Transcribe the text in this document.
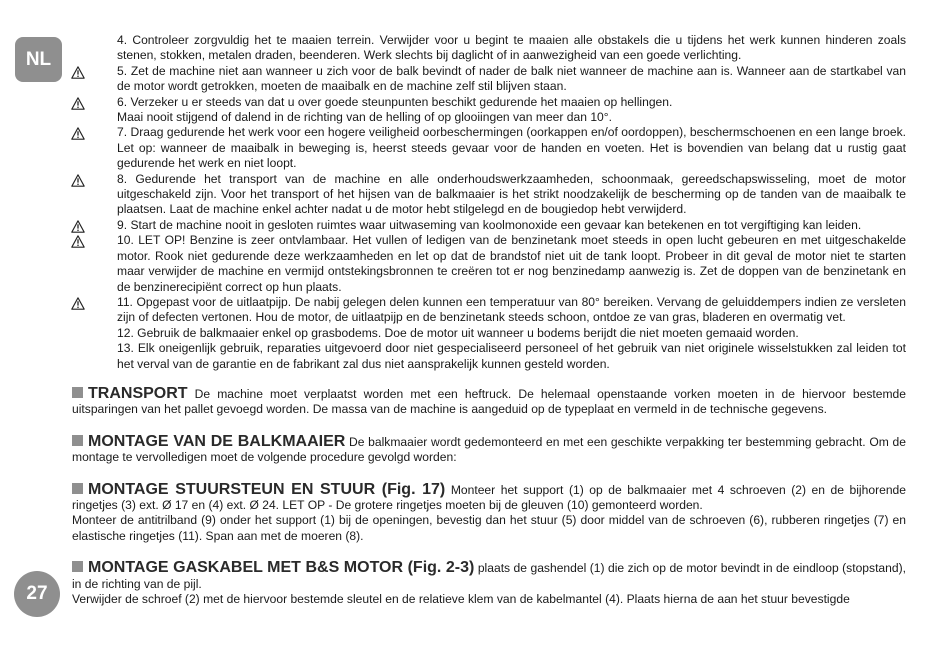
NL
27

4. Controleer zorgvuldig het te maaien terrein. Verwijder voor u begint te maaien alle obstakels die u tijdens het werk kunnen hinderen zoals stenen, stokken, metalen draden, beenderen. Werk slechts bij daglicht of in aanwezigheid van een goede verlichting.

5. Zet de machine niet aan wanneer u zich voor de balk bevindt of nader de balk niet wanneer de machine aan is. Wanneer aan de startkabel van de motor wordt getrokken, moeten de maaibalk en de machine zelf stil blijven staan.

6. Verzeker u er steeds van dat u over goede steunpunten beschikt gedurende het maaien op hellingen.

Maai nooit stijgend of dalend in de richting van de helling of op glooiingen van meer dan 10°.

7. Draag gedurende het werk voor een hogere veiligheid oorbeschermingen (oorkappen en/of oordoppen), beschermschoenen en een lange broek. Let op: wanneer de maaibalk in beweging is, heerst steeds gevaar voor de handen en voeten. Het is bovendien van belang dat u rustig gaat gedurende het werk en niet loopt.

8. Gedurende het transport van de machine en alle onderhoudswerkzaamheden, schoonmaak, gereedschapswisseling, moet de motor uitgeschakeld zijn. Voor het transport of het hijsen van de balkmaaier is het strikt noodzakelijk de bescherming op de tanden van de maaibalk te plaatsen. Laat de machine enkel achter nadat u de motor hebt stilgelegd en de bougiedop hebt verwijderd.

9. Start de machine nooit in gesloten ruimtes waar uitwaseming van koolmonoxide een gevaar kan betekenen en tot vergiftiging kan leiden.

10. LET OP! Benzine is zeer ontvlambaar. Het vullen of ledigen van de benzinetank moet steeds in open lucht gebeuren en met uitgeschakelde motor. Rook niet gedurende deze werkzaamheden en let op dat de brandstof niet uit de tank loopt. Probeer in dit geval de motor niet te starten maar verwijder de machine en vermijd ontstekingsbronnen te creëren tot er nog benzinedamp aanwezig is. Zet de doppen van de benzinetank en de benzinerecipiënt correct op hun plaats.

11. Opgepast voor de uitlaatpijp. De nabij gelegen delen kunnen een temperatuur van 80° bereiken. Vervang de geluiddempers indien ze versleten zijn of defecten vertonen. Hou de motor, de uitlaatpijp en de benzinetank steeds schoon, ontdoe ze van gras, bladeren en overmatig vet.

12. Gebruik de balkmaaier enkel op grasbodems. Doe de motor uit wanneer u bodems berijdt die niet moeten gemaaid worden.

13. Elk oneigenlijk gebruik, reparaties uitgevoerd door niet gespecialiseerd personeel of het gebruik van niet originele wisselstukken zal leiden tot het verval van de garantie en de fabrikant zal dus niet aansprakelijk kunnen gesteld worden.

TRANSPORT De machine moet verplaatst worden met een heftruck. De helemaal openstaande vorken moeten in de hiervoor bestemde uitsparingen van het pallet gevoegd worden. De massa van de machine is aangeduid op de typeplaat en vermeld in de technische gegevens.

MONTAGE VAN DE BALKMAAIER De balkmaaier wordt gedemonteerd en met een geschikte verpakking ter bestemming gebracht. Om de montage te vervolledigen moet de volgende procedure gevolgd worden:

MONTAGE STUURSTEUN EN STUUR (Fig. 17) Monteer het support (1) op de balkmaaier met 4 schroeven (2) en de bijhorende ringetjes (3) ext. Ø 17 en (4) ext. Ø 24. LET OP - De grotere ringetjes moeten bij de gleuven (10) gemonteerd worden.

Monteer de antitrilband (9) onder het support (1) bij de openingen, bevestig dan het stuur (5) door middel van de schroeven (6), rubberen ringetjes (7) en elastische ringetjes (11). Span aan met de moeren (8).

MONTAGE GASKABEL MET B&S MOTOR (Fig. 2-3) plaats de gashendel (1) die zich op de motor bevindt in de eindloop (stopstand), in de richting van de pijl.

Verwijder de schroef (2) met de hiervoor bestemde sleutel en de relatieve klem van de kabelmantel (4). Plaats hierna de aan het stuur bevestigde
